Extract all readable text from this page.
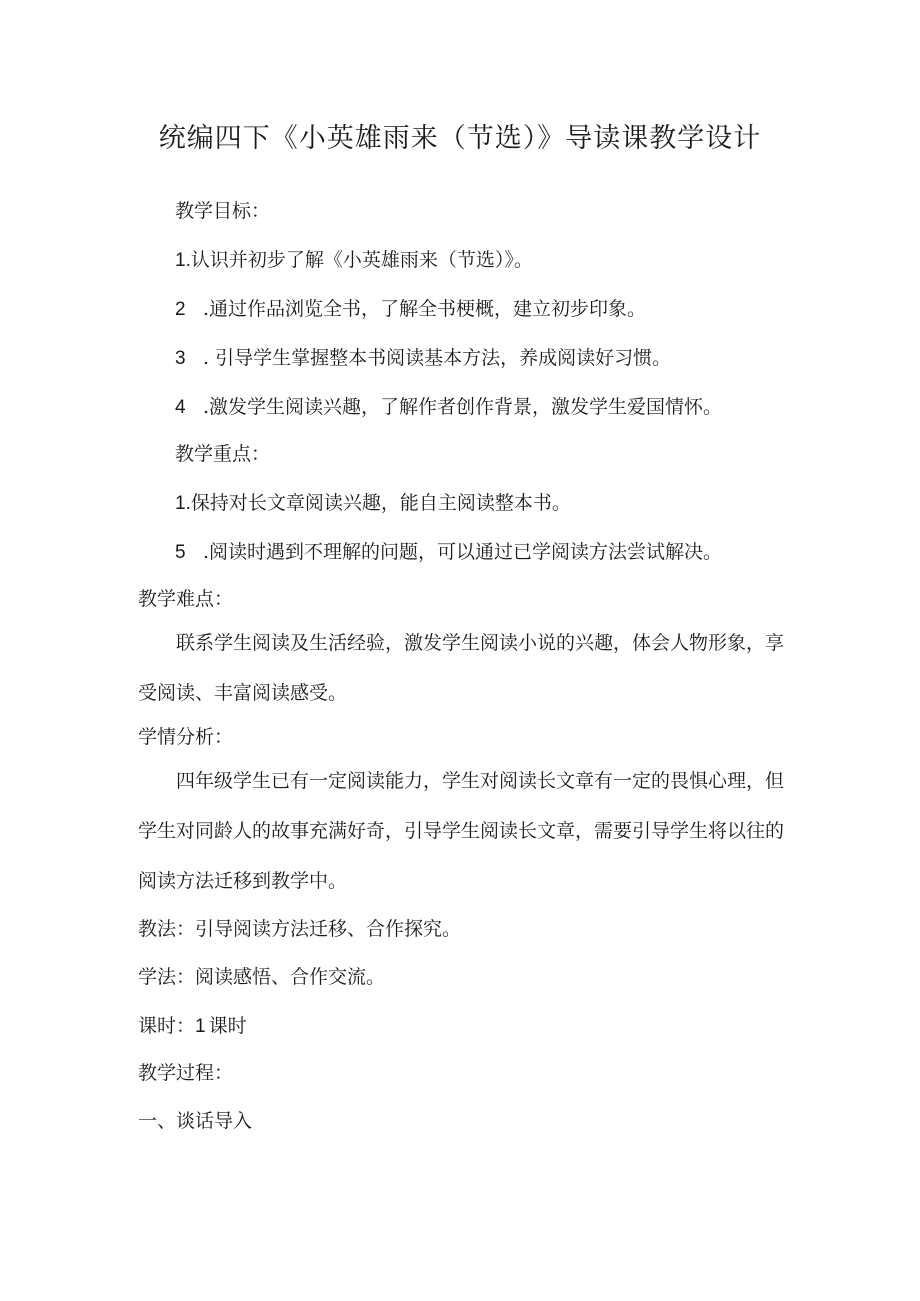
统编四下《小英雄雨来（节选）》导读课教学设计

教学目标：

1.认识并初步了解《小英雄雨来（节选）》。

2 .通过作品浏览全书，了解全书梗概，建立初步印象。

3 . 引导学生掌握整本书阅读基本方法，养成阅读好习惯。

4 .激发学生阅读兴趣，了解作者创作背景，激发学生爱国情怀。

教学重点：

1.保持对长文章阅读兴趣，能自主阅读整本书。

5 .阅读时遇到不理解的问题，可以通过已学阅读方法尝试解决。

教学难点：

联系学生阅读及生活经验，激发学生阅读小说的兴趣，体会人物形象，享受阅读、丰富阅读感受。

学情分析：

四年级学生已有一定阅读能力，学生对阅读长文章有一定的畏惧心理，但学生对同龄人的故事充满好奇，引导学生阅读长文章，需要引导学生将以往的阅读方法迁移到教学中。

教法：引导阅读方法迁移、合作探究。

学法：阅读感悟、合作交流。

课时：1 课时

教学过程：

一、谈话导入
